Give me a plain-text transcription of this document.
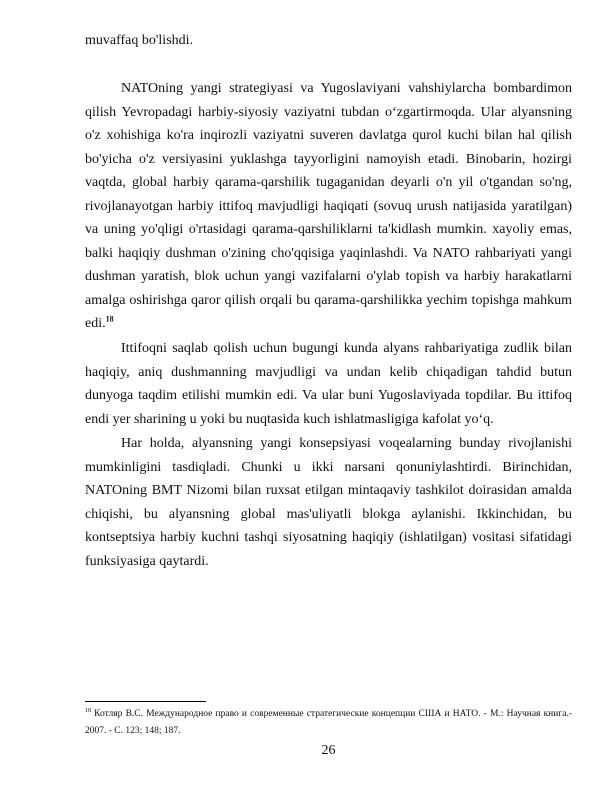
muvaffaq bo'lishdi.

NATOning yangi strategiyasi va Yugoslaviyani vahshiylarcha bombardimon qilish Yevropadagi harbiy-siyosiy vaziyatni tubdan o‘zgartirmoqda. Ular alyansning o'z xohishiga ko'ra inqirozli vaziyatni suveren davlatga qurol kuchi bilan hal qilish bo'yicha o'z versiyasini yuklashga tayyorligini namoyish etadi. Binobarin, hozirgi vaqtda, global harbiy qarama-qarshilik tugaganidan deyarli o'n yil o'tgandan so'ng, rivojlanayotgan harbiy ittifoq mavjudligi haqiqati (sovuq urush natijasida yaratilgan) va uning yo'qligi o'rtasidagi qarama-qarshiliklarni ta'kidlash mumkin. xayoliy emas, balki haqiqiy dushman o'zining cho'qqisiga yaqinlashdi. Va NATO rahbariyati yangi dushman yaratish, blok uchun yangi vazifalarni o'ylab topish va harbiy harakatlarni amalga oshirishga qaror qilish orqali bu qarama-qarshilikka yechim topishga mahkum edi.$^{18}$

Ittifoqni saqlab qolish uchun bugungi kunda alyans rahbariyatiga zudlik bilan haqiqiy, aniq dushmanning mavjudligi va undan kelib chiqadigan tahdid butun dunyoga taqdim etilishi mumkin edi. Va ular buni Yugoslaviyada topdilar. Bu ittifoq endi yer sharining u yoki bu nuqtasida kuch ishlatmasligiga kafolat yo‘q.

Har holda, alyansning yangi konsepsiyasi voqealarning bunday rivojlanishi mumkinligini tasdiqladi. Chunki u ikki narsani qonuniylashtirdi. Birinchidan, NATOning BMT Nizomi bilan ruxsat etilgan mintaqaviy tashkilot doirasidan amalda chiqishi, bu alyansning global mas'uliyatli blokga aylanishi. Ikkinchidan, bu kontseptsiya harbiy kuchni tashqi siyosatning haqiqiy (ishlatilgan) vositasi sifatidagi funksiyasiga qaytardi.

$^{18}$ Котляр В.С. Международное право и современные стратегические концепции США и НАТО. - М.: Научная книга.- 2007. - С. 123; 148; 187.

26
